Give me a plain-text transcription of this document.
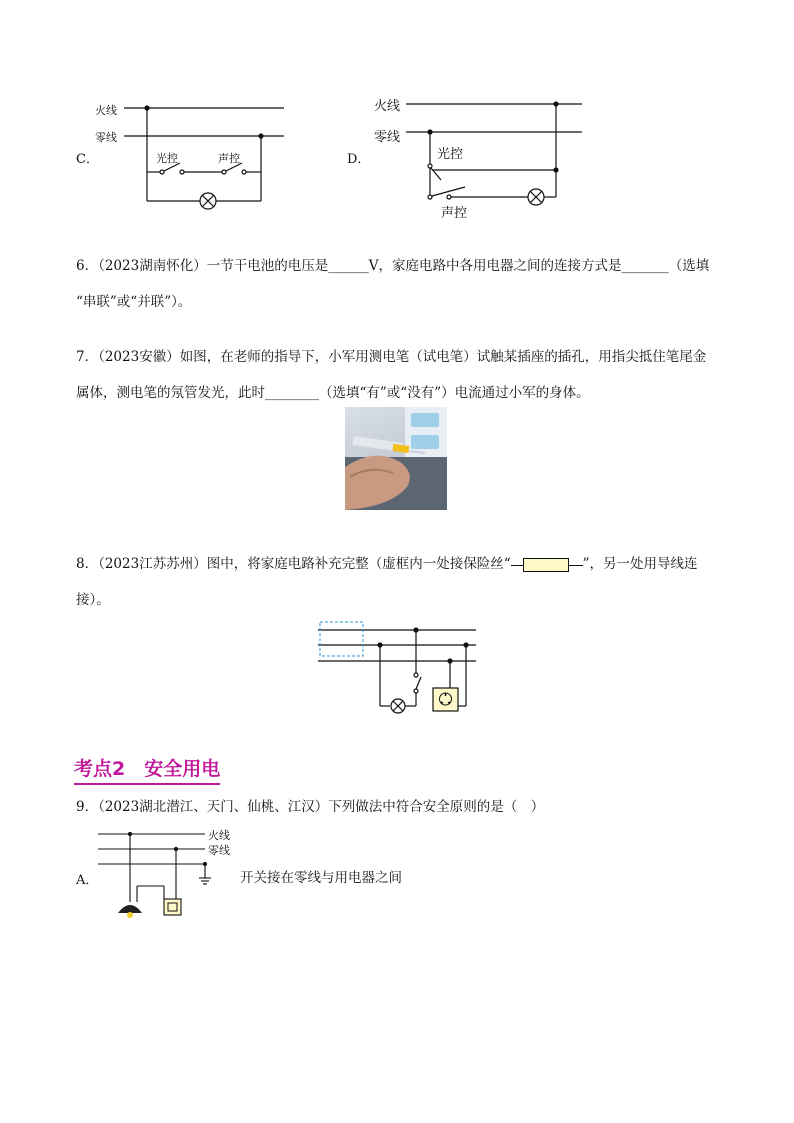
C．
火线
零线
光控	声控	D．
火线
零线
光控
声控
6．（2023湖南怀化）一节干电池的电压是______V，家庭电路中各用电器之间的连接方式是_______（选填
“串联”或“并联”）。
7．（2023安徽）如图，在老师的指导下，小军用测电笔（试电笔）试触某插座的插孔，用指尖抵住笔尾金
属体，测电笔的氖管发光，此时________（选填“有”或“没有”）电流通过小军的身体。
8．（2023江苏苏州）图中，将家庭电路补充完整（虚框内一处接保险丝“	”，另一处用导线连
接）。
考点2　安全用电
9．（2023湖北潜江、天门、仙桃、江汉）下列做法中符合安全原则的是（　）
A．
火线
零线
开关接在零线与用电器之间
